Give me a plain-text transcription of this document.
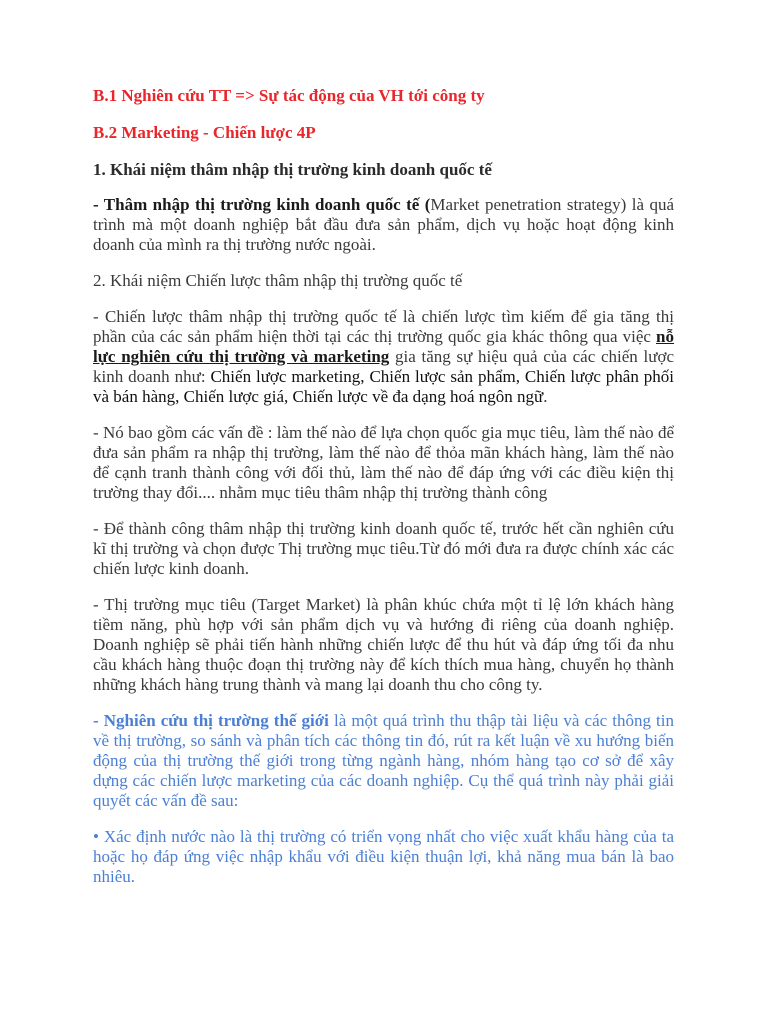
B.1 Nghiên cứu TT => Sự tác động của VH tới công ty

B.2 Marketing - Chiến lược 4P

1. Khái niệm thâm nhập thị trường kinh doanh quốc tế

- Thâm nhập thị trường kinh doanh quốc tế (Market penetration strategy) là quá trình mà một doanh nghiệp bắt đầu đưa sản phẩm, dịch vụ hoặc hoạt động kinh doanh của mình ra thị trường nước ngoài.

2. Khái niệm Chiến lược thâm nhập thị trường quốc tế

- Chiến lược thâm nhập thị trường quốc tế là chiến lược tìm kiếm để gia tăng thị phần của các sản phẩm hiện thời tại các thị trường quốc gia khác thông qua việc nỗ lực nghiên cứu thị trường và marketing gia tăng sự hiệu quả của các chiến lược kinh doanh như: Chiến lược marketing, Chiến lược sản phẩm, Chiến lược phân phối và bán hàng, Chiến lược giá, Chiến lược về đa dạng hoá ngôn ngữ.

- Nó bao gồm các vấn đề : làm thế nào để lựa chọn quốc gia mục tiêu, làm thế nào để đưa sản phẩm ra nhập thị trường, làm thế nào để thỏa mãn khách hàng, làm thế nào để cạnh tranh thành công với đối thủ, làm thế nào để đáp ứng với các điều kiện thị trường thay đổi.... nhằm mục tiêu thâm nhập thị trường thành công

- Để thành công thâm nhập thị trường kinh doanh quốc tế, trước hết cần nghiên cứu kĩ thị trường và chọn được Thị trường mục tiêu.Từ đó mới đưa ra được chính xác các chiến lược kinh doanh.

- Thị trường mục tiêu (Target Market) là phân khúc chứa một tỉ lệ lớn khách hàng tiềm năng, phù hợp với sản phẩm dịch vụ và hướng đi riêng của doanh nghiệp. Doanh nghiệp sẽ phải tiến hành những chiến lược để thu hút và đáp ứng tối đa nhu cầu khách hàng thuộc đoạn thị trường này để kích thích mua hàng, chuyển họ thành những khách hàng trung thành và mang lại doanh thu cho công ty.

- Nghiên cứu thị trường thế giới là một quá trình thu thập tài liệu và các thông tin về thị trường, so sánh và phân tích các thông tin đó, rút ra kết luận về xu hướng biến động của thị trường thế giới trong từng ngành hàng, nhóm hàng tạo cơ sở để xây dựng các chiến lược marketing của các doanh nghiệp. Cụ thể quá trình này phải giải quyết các vấn đề sau:

• Xác định nước nào là thị trường có triển vọng nhất cho việc xuất khẩu hàng của ta hoặc họ đáp ứng việc nhập khẩu với điều kiện thuận lợi, khả năng mua bán là bao nhiêu.
